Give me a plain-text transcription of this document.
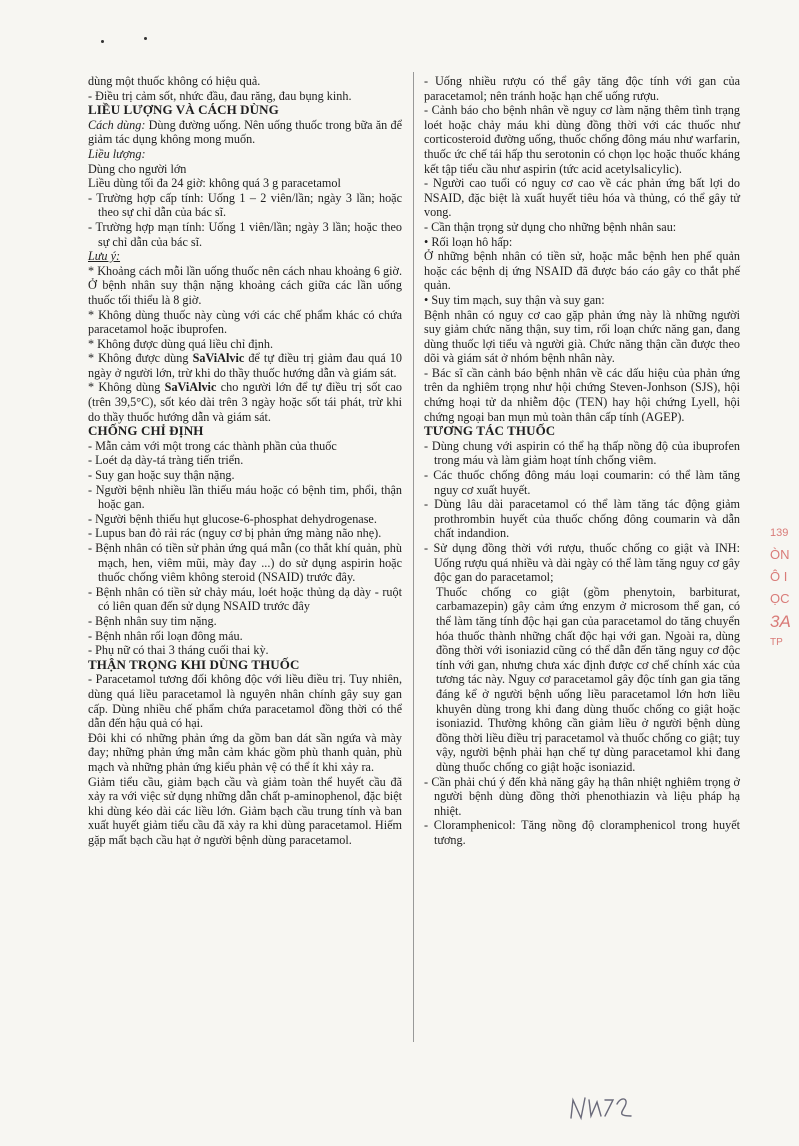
dùng một thuốc không có hiệu quả.

- Điều trị cảm sốt, nhức đầu, đau răng, đau bụng kinh.

LIỀU LƯỢNG VÀ CÁCH DÙNG

Cách dùng: Dùng đường uống. Nên uống thuốc trong bữa ăn để giảm tác dụng không mong muốn.

Liều lượng:

Dùng cho người lớn

Liều dùng tối đa 24 giờ: không quá 3 g paracetamol

- Trường hợp cấp tính: Uống 1 – 2 viên/lần; ngày 3 lần; hoặc theo sự chỉ dẫn của bác sĩ.

- Trường hợp mạn tính: Uống 1 viên/lần; ngày 3 lần; hoặc theo sự chỉ dẫn của bác sĩ.

Lưu ý:

* Khoảng cách mỗi lần uống thuốc nên cách nhau khoảng 6 giờ. Ở bệnh nhân suy thận nặng khoảng cách giữa các lần uống thuốc tối thiểu là 8 giờ.

* Không dùng thuốc này cùng với các chế phẩm khác có chứa paracetamol hoặc ibuprofen.

* Không được dùng quá liều chỉ định.

* Không được dùng SaViAlvic để tự điều trị giảm đau quá 10 ngày ở người lớn, trừ khi do thầy thuốc hướng dẫn và giám sát.

* Không dùng SaViAlvic cho người lớn để tự điều trị sốt cao (trên 39,5°C), sốt kéo dài trên 3 ngày hoặc sốt tái phát, trừ khi do thầy thuốc hướng dẫn và giám sát.

CHỐNG CHỈ ĐỊNH

- Mẫn cảm với một trong các thành phần của thuốc

- Loét dạ dày-tá tràng tiến triển.

- Suy gan hoặc suy thận nặng.

- Người bệnh nhiều lần thiếu máu hoặc có bệnh tim, phổi, thận hoặc gan.

- Người bệnh thiếu hụt glucose-6-phosphat dehydrogenase.

- Lupus ban đỏ rải rác (nguy cơ bị phản ứng màng não nhẹ).

- Bệnh nhân có tiền sử phản ứng quá mẫn (co thắt khí quản, phù mạch, hen, viêm mũi, mày đay ...) do sử dụng aspirin hoặc thuốc chống viêm không steroid (NSAID) trước đây.

- Bệnh nhân có tiền sử chảy máu, loét hoặc thủng dạ dày - ruột có liên quan đến sử dụng NSAID trước đây

- Bệnh nhân suy tim nặng.

- Bệnh nhân rối loạn đông máu.

- Phụ nữ có thai 3 tháng cuối thai kỳ.

THẬN TRỌNG KHI DÙNG THUỐC

- Paracetamol tương đối không độc với liều điều trị. Tuy nhiên, dùng quá liều paracetamol là nguyên nhân chính gây suy gan cấp. Dùng nhiều chế phẩm chứa paracetamol đồng thời có thể dẫn đến hậu quả có hại.

Đôi khi có những phản ứng da gồm ban dát sần ngứa và mày đay; những phản ứng mẫn cảm khác gồm phù thanh quản, phù mạch và những phản ứng kiểu phản vệ có thể ít khi xảy ra.

Giảm tiểu cầu, giảm bạch cầu và giảm toàn thể huyết cầu đã xảy ra với việc sử dụng những dẫn chất p-aminophenol, đặc biệt khi dùng kéo dài các liều lớn. Giảm bạch cầu trung tính và ban xuất huyết giảm tiểu cầu đã xảy ra khi dùng paracetamol. Hiếm gặp mất bạch cầu hạt ở người bệnh dùng paracetamol.

- Uống nhiều rượu có thể gây tăng độc tính với gan của paracetamol; nên tránh hoặc hạn chế uống rượu.

- Cảnh báo cho bệnh nhân về nguy cơ làm nặng thêm tình trạng loét hoặc chảy máu khi dùng đồng thời với các thuốc như corticosteroid đường uống, thuốc chống đông máu như warfarin, thuốc ức chế tái hấp thu serotonin có chọn lọc hoặc thuốc kháng kết tập tiểu cầu như aspirin (tức acid acetylsalicylic).

- Người cao tuổi có nguy cơ cao về các phản ứng bất lợi do NSAID, đặc biệt là xuất huyết tiêu hóa và thủng, có thể gây tử vong.

- Cần thận trọng sử dụng cho những bệnh nhân sau:

• Rối loạn hô hấp:

Ở những bệnh nhân có tiền sử, hoặc mắc bệnh hen phế quản hoặc các bệnh dị ứng NSAID đã được báo cáo gây co thắt phế quản.

• Suy tim mạch, suy thận và suy gan:

Bệnh nhân có nguy cơ cao gặp phản ứng này là những người suy giảm chức năng thận, suy tim, rối loạn chức năng gan, đang dùng thuốc lợi tiểu và người già. Chức năng thận cần được theo dõi và giám sát ở nhóm bệnh nhân này.

- Bác sĩ cần cảnh báo bệnh nhân về các dấu hiệu của phản ứng trên da nghiêm trọng như hội chứng Steven-Jonhson (SJS), hội chứng hoại tử da nhiễm độc (TEN) hay hội chứng Lyell, hội chứng ngoại ban mụn mủ toàn thân cấp tính (AGEP).

TƯƠNG TÁC THUỐC

- Dùng chung với aspirin có thể hạ thấp nồng độ của ibuprofen trong máu và làm giảm hoạt tính chống viêm.

- Các thuốc chống đông máu loại coumarin: có thể làm tăng nguy cơ xuất huyết.

- Dùng lâu dài paracetamol có thể làm tăng tác động giảm prothrombin huyết của thuốc chống đông coumarin và dẫn chất indandion.

- Sử dụng đồng thời với rượu, thuốc chống co giật và INH: Uống rượu quá nhiều và dài ngày có thể làm tăng nguy cơ gây độc gan do paracetamol;

Thuốc chống co giật (gồm phenytoin, barbiturat, carbamazepin) gây cảm ứng enzym ở microsom thể gan, có thể làm tăng tính độc hại gan của paracetamol do tăng chuyển hóa thuốc thành những chất độc hại với gan. Ngoài ra, dùng đồng thời với isoniazid cũng có thể dẫn đến tăng nguy cơ độc tính với gan, nhưng chưa xác định được cơ chế chính xác của tương tác này. Nguy cơ paracetamol gây độc tính gan gia tăng đáng kể ở người bệnh uống liều paracetamol lớn hơn liều khuyên dùng trong khi đang dùng thuốc chống co giật hoặc isoniazid. Thường không cần giảm liều ở người bệnh dùng đồng thời liều điều trị paracetamol và thuốc chống co giật; tuy vậy, người bệnh phải hạn chế tự dùng paracetamol khi đang dùng thuốc chống co giật hoặc isoniazid.

- Cần phải chú ý đến khả năng gây hạ thân nhiệt nghiêm trọng ở người bệnh dùng đồng thời phenothiazin và liệu pháp hạ nhiệt.

- Cloramphenicol: Tăng nồng độ cloramphenicol trong huyết tương.

139
ÒN
Ô I
ỌC
3A
TP
